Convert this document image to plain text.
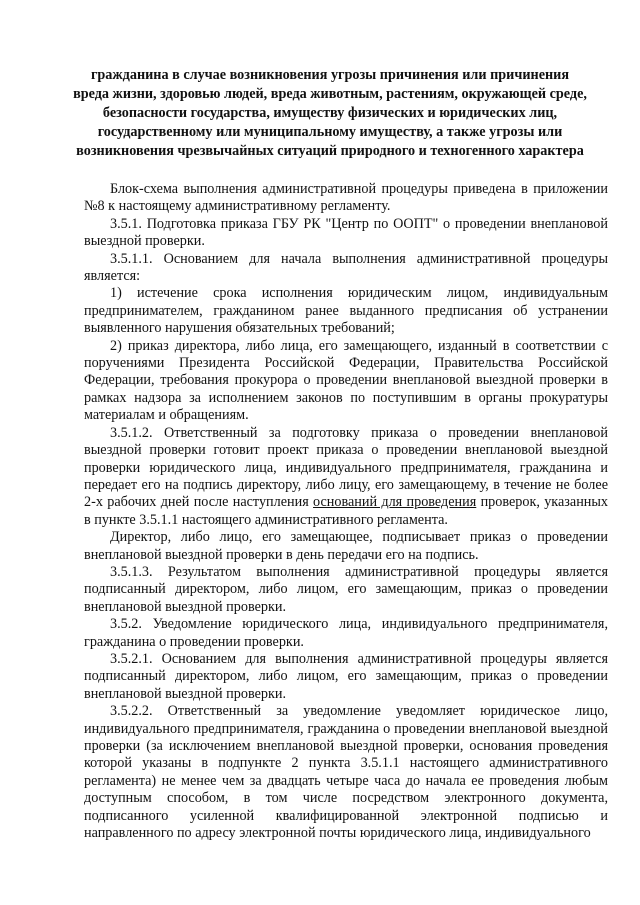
гражданина в случае возникновения угрозы причинения или причинения
вреда жизни, здоровью людей, вреда животным, растениям, окружающей среде,
безопасности государства, имуществу физических и юридических лиц,
государственному или муниципальному имуществу, а также угрозы или
возникновения чрезвычайных ситуаций природного и техногенного характера

Блок-схема выполнения административной процедуры приведена в приложении №8 к настоящему административному регламенту.

3.5.1. Подготовка приказа ГБУ РК "Центр по ООПТ" о проведении внеплановой выездной проверки.

3.5.1.1. Основанием для начала выполнения административной процедуры является:

1) истечение срока исполнения юридическим лицом, индивидуальным предпринимателем, гражданином ранее выданного предписания об устранении выявленного нарушения обязательных требований;

2) приказ директора, либо лица, его замещающего, изданный в соответствии с поручениями Президента Российской Федерации, Правительства Российской Федерации, требования прокурора о проведении внеплановой выездной проверки в рамках надзора за исполнением законов по поступившим в органы прокуратуры материалам и обращениям.

3.5.1.2. Ответственный за подготовку приказа о проведении внеплановой выездной проверки готовит проект приказа о проведении внеплановой выездной проверки юридического лица, индивидуального предпринимателя, гражданина и передает его на подпись директору, либо лицу, его замещающему, в течение не более 2-х рабочих дней после наступления оснований для проведения проверок, указанных в пункте 3.5.1.1 настоящего административного регламента.

Директор, либо лицо, его замещающее, подписывает приказ о проведении внеплановой выездной проверки в день передачи его на подпись.

3.5.1.3. Результатом выполнения административной процедуры является подписанный директором, либо лицом, его замещающим, приказ о проведении внеплановой выездной проверки.

3.5.2. Уведомление юридического лица, индивидуального предпринимателя, гражданина о проведении проверки.

3.5.2.1. Основанием для выполнения административной процедуры является подписанный директором, либо лицом, его замещающим, приказ о проведении внеплановой выездной проверки.

3.5.2.2. Ответственный за уведомление уведомляет юридическое лицо, индивидуального предпринимателя, гражданина о проведении внеплановой выездной проверки (за исключением внеплановой выездной проверки, основания проведения которой указаны в подпункте 2 пункта 3.5.1.1 настоящего административного регламента) не менее чем за двадцать четыре часа до начала ее проведения любым доступным способом, в том числе посредством электронного документа, подписанного усиленной квалифицированной электронной подписью и направленного по адресу электронной почты юридического лица, индивидуального
